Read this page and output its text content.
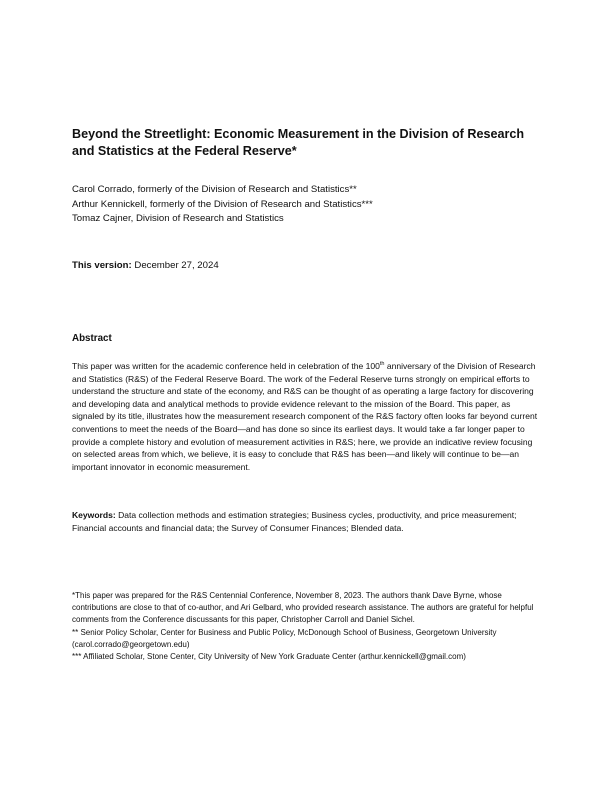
Beyond the Streetlight: Economic Measurement in the Division of Research and Statistics at the Federal Reserve*
Carol Corrado, formerly of the Division of Research and Statistics**
Arthur Kennickell, formerly of the Division of Research and Statistics***
Tomaz Cajner, Division of Research and Statistics
This version: December 27, 2024
Abstract
This paper was written for the academic conference held in celebration of the 100th anniversary of the Division of Research and Statistics (R&S) of the Federal Reserve Board. The work of the Federal Reserve turns strongly on empirical efforts to understand the structure and state of the economy, and R&S can be thought of as operating a large factory for discovering and developing data and analytical methods to provide evidence relevant to the mission of the Board. This paper, as signaled by its title, illustrates how the measurement research component of the R&S factory often looks far beyond current conventions to meet the needs of the Board—and has done so since its earliest days. It would take a far longer paper to provide a complete history and evolution of measurement activities in R&S; here, we provide an indicative review focusing on selected areas from which, we believe, it is easy to conclude that R&S has been—and likely will continue to be—an important innovator in economic measurement.
Keywords: Data collection methods and estimation strategies; Business cycles, productivity, and price measurement; Financial accounts and financial data; the Survey of Consumer Finances; Blended data.

*This paper was prepared for the R&S Centennial Conference, November 8, 2023. The authors thank Dave Byrne, whose contributions are close to that of co-author, and Ari Gelbard, who provided research assistance. The authors are grateful for helpful comments from the Conference discussants for this paper, Christopher Carroll and Daniel Sichel.

** Senior Policy Scholar, Center for Business and Public Policy, McDonough School of Business, Georgetown University (carol.corrado@georgetown.edu)

*** Affiliated Scholar, Stone Center, City University of New York Graduate Center (arthur.kennickell@gmail.com)
